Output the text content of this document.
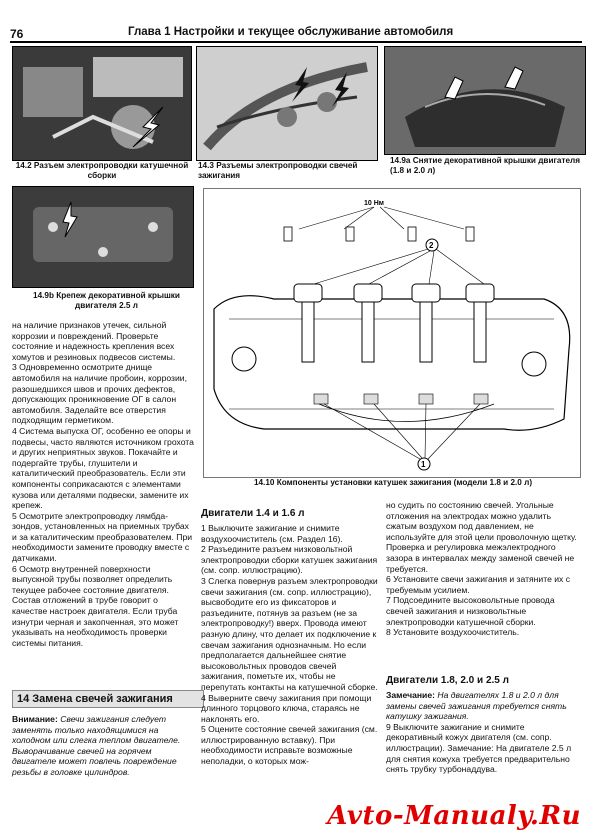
76	Глава 1 Настройки и текущее обслуживание автомобиля
14.2 Разъем электропроводки катушечной сборки
14.3 Разъемы электропроводки свечей зажигания
14.9а Снятие декоративной крышки двигателя (1.8 и 2.0 л)
14.9b Крепеж декоративной крышки двигателя 2.5 л
10 Нм
2
1
14.10 Компоненты установки катушек зажигания (модели 1.8 и 2.0 л)

на наличие признаков утечек, сильной коррозии и повреждений. Проверьте состояние и надежность крепления всех хомутов и резиновых подвесов системы.

3 Одновременно осмотрите днище автомобиля на наличие пробоин, коррозии, разошедшихся швов и прочих дефектов, допускающих проникновение ОГ в салон автомобиля. Заделайте все отверстия подходящим герметиком.

4 Система выпуска ОГ, особенно ее опоры и подвесы, часто являются источником грохота и других неприятных звуков. Покачайте и подергайте трубы, глушители и каталитический преобразователь. Если эти компоненты соприкасаются с элементами кузова или деталями подвески, замените их крепеж.

5 Осмотрите электропроводку лямбда-зондов, установленных на приемных трубах и за каталитическим преобразователем. При необходимости замените проводку вместе с датчиками.

6 Осмотр внутренней поверхности выпускной трубы позволяет определить текущее рабочее состояние двигателя. Состав отложений в трубе говорит о качестве настроек двигателя. Если труба изнутри черная и закопченная, это может указывать на необходимость проверки системы питания.

14 Замена свечей зажигания
Внимание: Свечи зажигания следует заменять только находящимися на холодном или слегка теплом двигателе. Выворачивание свечей на горячем двигателе может повлечь повреждение резьбы в головке цилиндров.
Двигатели 1.4 и 1.6 л

1 Выключите зажигание и снимите воздухоочиститель (см. Раздел 16).

2 Разъедините разъем низковольтной электропроводки сборки катушек зажигания (см. сопр. иллюстрацию).

3 Слегка повернув разъем электропроводки свечи зажигания (см. сопр. иллюстрацию), высвободите его из фиксаторов и разъедините, потянув за разъем (не за электропроводку!) вверх. Провода имеют разную длину, что делает их подключение к свечам зажигания однозначным. Но если предполагается дальнейшее снятие высоковольтных проводов свечей зажигания, пометьте их, чтобы не перепутать контакты на катушечной сборке.

4 Выверните свечу зажигания при помощи длинного торцового ключа, стараясь не наклонять его.

5 Оцените состояние свечей зажигания (см. иллюстрированную вставку). При необходимости исправьте возможные неполадки, о которых мож-

но судить по состоянию свечей. Угольные отложения на электродах можно удалить сжатым воздухом под давлением, не используйте для этой цели проволочную щетку. Проверка и регулировка межэлектродного зазора в интервалах между заменой свечей не требуется.

6 Установите свечи зажигания и затяните их с требуемым усилием.

7 Подсоедините высоковольтные провода свечей зажигания и низковольтные электропроводки катушечной сборки.

8 Установите воздухоочиститель.

Двигатели 1.8, 2.0 и 2.5 л

Замечание: На двигателях 1.8 и 2.0 л для замены свечей зажигания требуется снять катушку зажигания.

9 Выключите зажигание и снимите декоративный кожух двигателя (см. сопр. иллюстрации). Замечание: На двигателе 2.5 л для снятия кожуха требуется предварительно снять трубку турбонаддува.

Avto-Manualy.Ru
